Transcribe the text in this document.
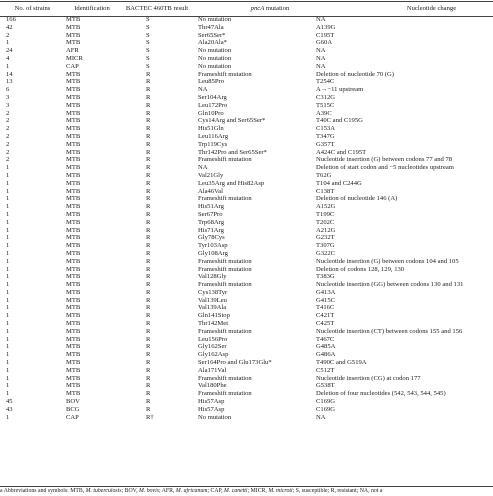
No. of strains	Identification	BACTEC 460TB result	pncA mutation	Nucleotide change
166	MTB	S	No mutation	NA
42	MTB	S	Thr47Ala	A139G
2	MTB	S	Ser65Ser*	C195T
1	MTB	S	Ala20Ala*	G60A
24	AFR	S	No mutation	NA
4	MICR	S	No mutation	NA
1	CAP	S	No mutation	NA
14	MTB	R	Frameshift mutation	Deletion of nucleotide 70 (G)
13	MTB	R	Leu85Pro	T254C
6	MTB	R	NA	A→−11 upstream
3	MTB	R	Ser104Arg	C312G
3	MTB	R	Leu172Pro	T515C
2	MTB	R	Gln10Pro	A39C
2	MTB	R	Cys14Arg and Ser65Ser*	T40C and C195G
2	MTB	R	His51Gln	C153A
2	MTB	R	Leu116Arg	T347G
2	MTB	R	Trp119Cys	G357T
2	MTB	R	Thr142Pro and Ser65Ser*	A424C and C195T
2	MTB	R	Frameshift mutation	Nucleotide insertion (G) between codons 77 and 78
1	MTB	R	NA	Deletion of start codon and −5 nucleotides upstream
1	MTB	R	Val21Gly	T62G
1	MTB	R	Leu35Arg and His82Asp	T104 and C244G
1	MTB	R	Ala46Val	C138T
1	MTB	R	Frameshift mutation	Deletion of nucleotide 146 (A)
1	MTB	R	His51Arg	A152G
1	MTB	R	Ser67Pro	T199C
1	MTB	R	Trp68Arg	T202C
1	MTB	R	His71Arg	A212G
1	MTB	R	Gly78Cys	G232T
1	MTB	R	Tyr103Asp	T307G
1	MTB	R	Gly108Arg	G322C
1	MTB	R	Frameshift mutation	Nucleotide insertion (G) between codons 104 and 105
1	MTB	R	Frameshift mutation	Deletion of codons 128, 129, 130
1	MTB	R	Val128Gly	T383G
1	MTB	R	Frameshift mutation	Nucleotide insertion (GG) between codons 130 and 131
1	MTB	R	Cys138Tyr	G413A
1	MTB	R	Val139Leu	G415C
1	MTB	R	Val139Ala	T416C
1	MTB	R	Gln141Stop	C421T
1	MTB	R	Thr142Met	C425T
1	MTB	R	Frameshift mutation	Nucleotide insertion (CT) between codons 155 and 156
1	MTB	R	Leu156Pro	T467C
1	MTB	R	Gly162Ser	G485A
1	MTB	R	Gly162Asp	G486A
1	MTB	R	Ser164Pro and Glu173Glu*	T490C and G519A
1	MTB	R	Ala171Val	C512T
1	MTB	R	Frameshift mutation	Nucleotide insertion (CG) at codon 177
1	MTB	R	Val180Phe	G538T
1	MTB	R	Frameshift mutation	Deletion of four nucleotides (542, 543, 544, 545)
45	BOV	R	His57Asp	C169G
43	BCG	R	His57Asp	C169G
1	CAP	R†	No mutation	NA
a Abbreviations and symbols: MTB, M. tuberculosis; BOV, M. bovis; AFR, M. africanum; CAP, M. canetti; MICR, M. microti; S, susceptible; R, resistant; NA, not a
